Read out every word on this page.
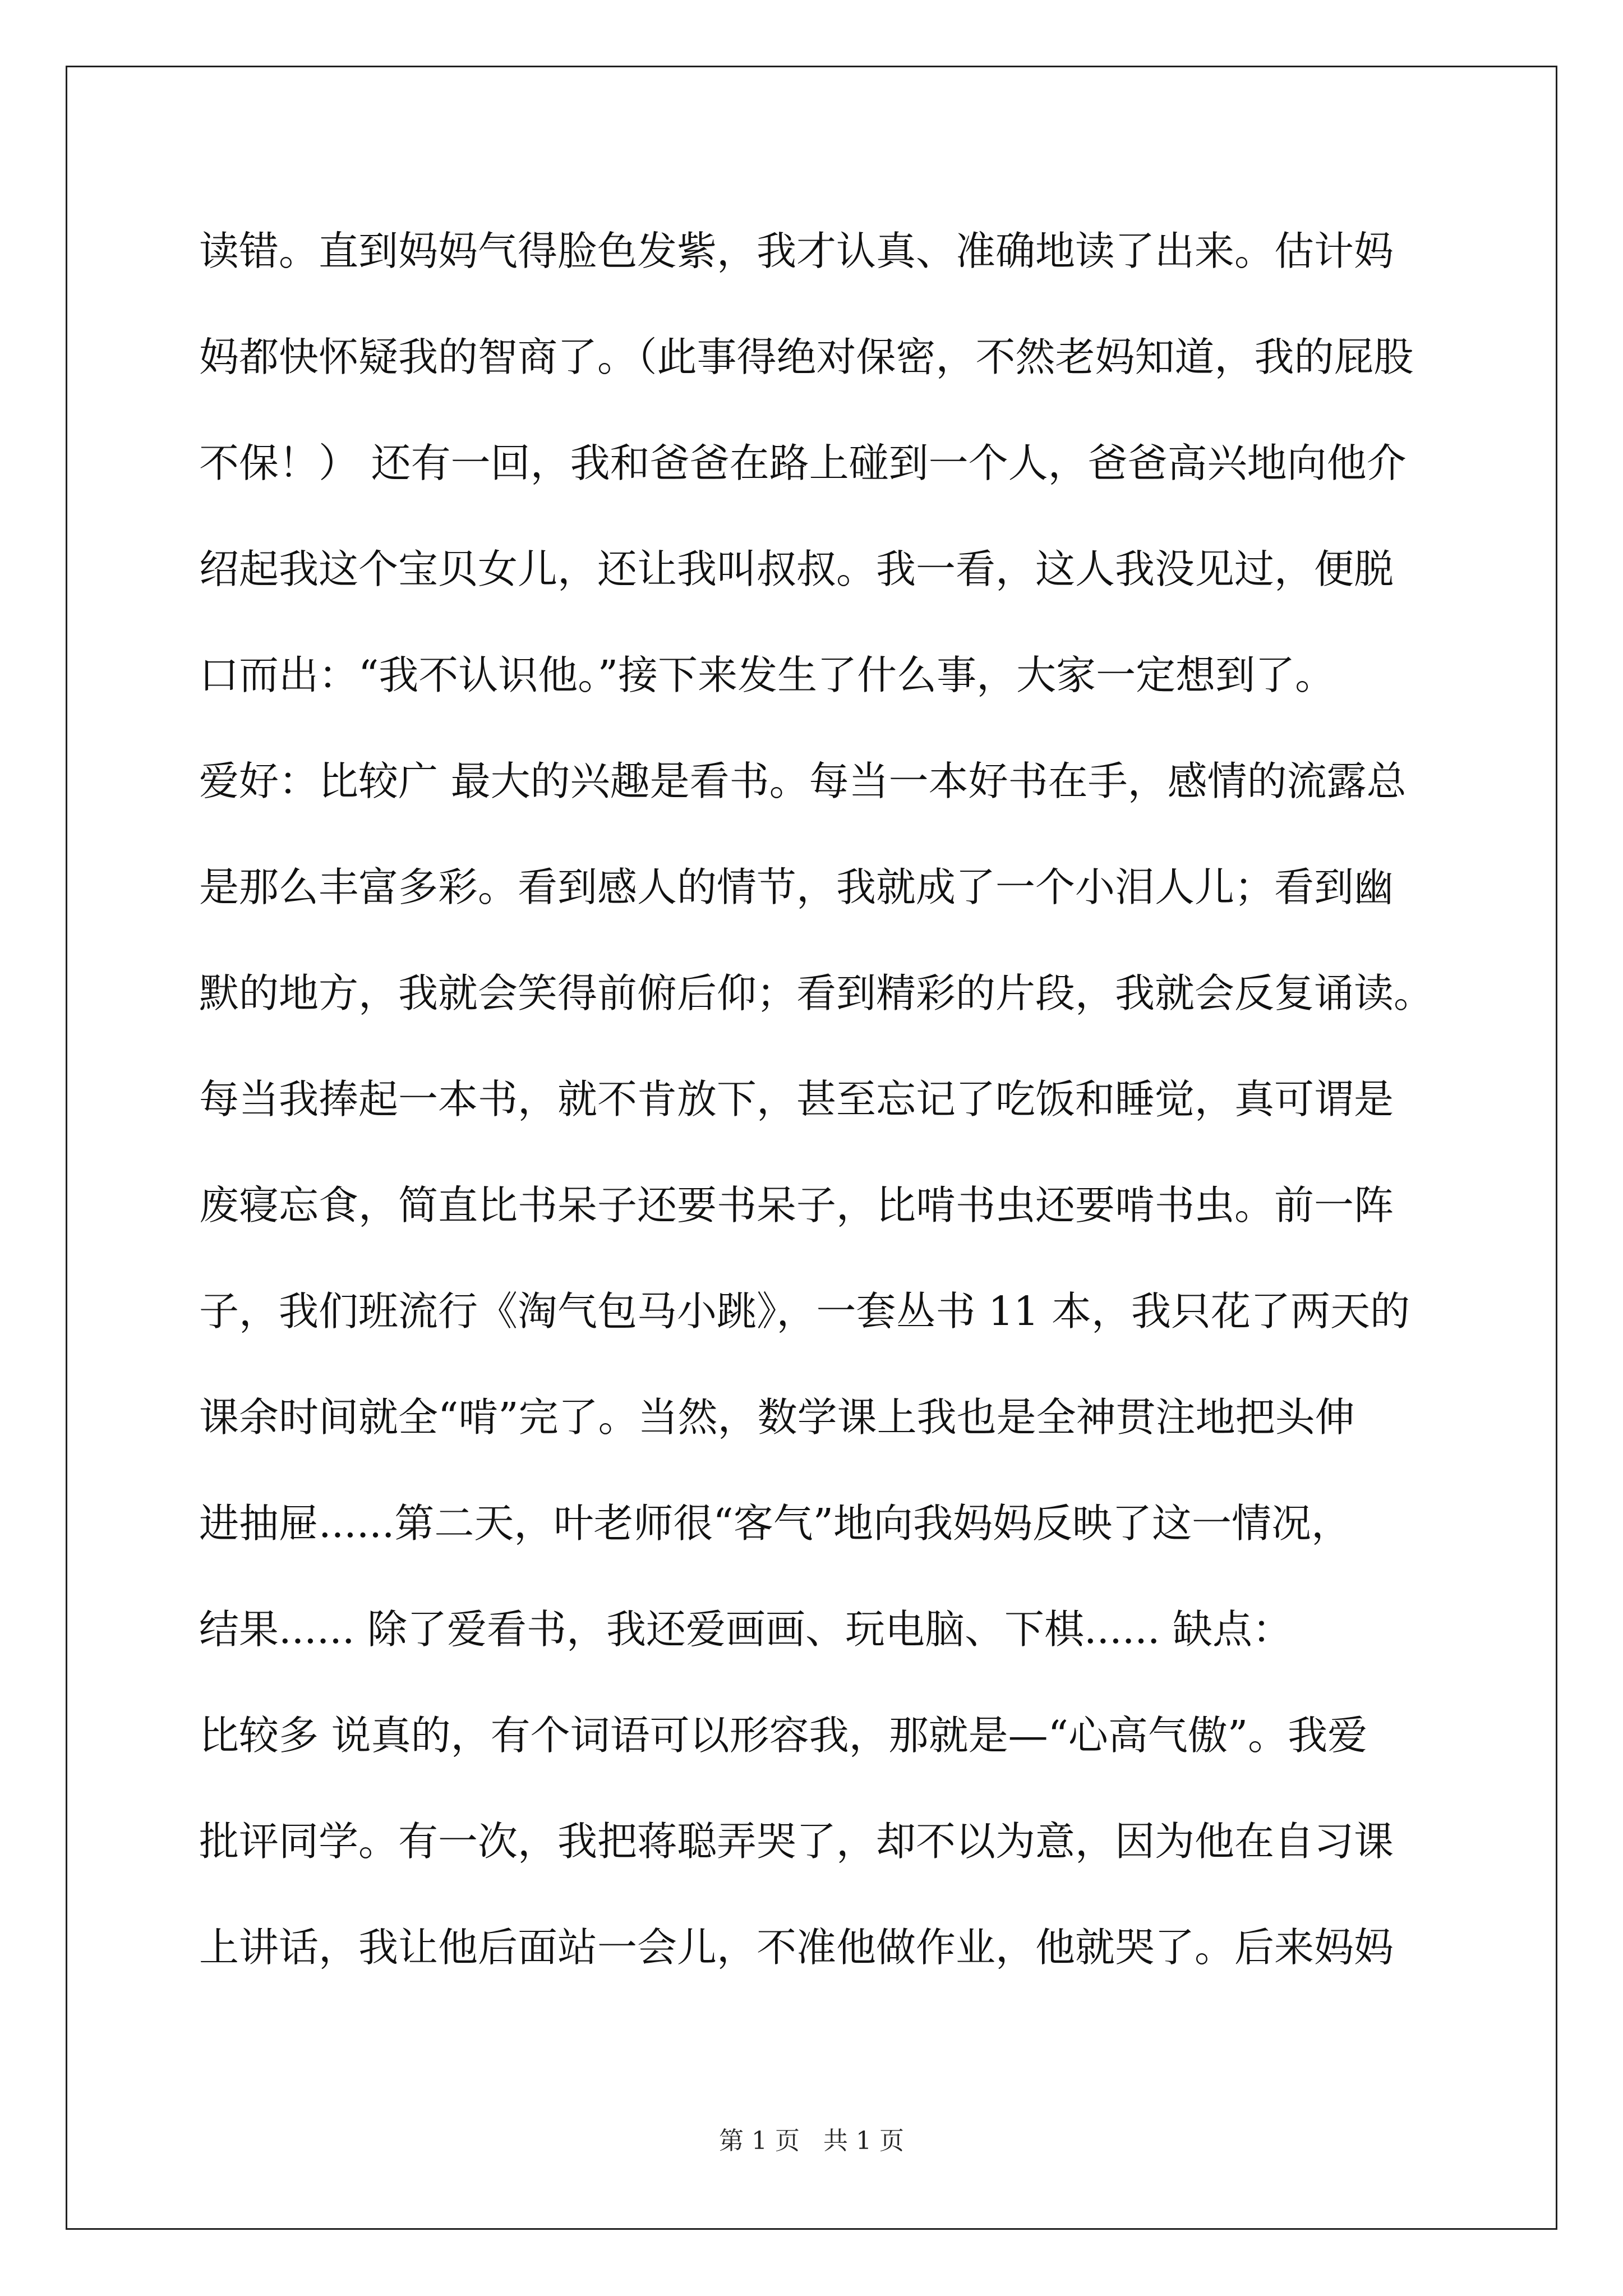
读错。直到妈妈气得脸色发紫，我才认真、准确地读了出来。估计妈
妈都快怀疑我的智商了。（此事得绝对保密，不然老妈知道，我的屁股
不保！） 还有一回，我和爸爸在路上碰到一个人，爸爸高兴地向他介
绍起我这个宝贝女儿，还让我叫叔叔。我一看，这人我没见过，便脱
口而出：“我不认识他。”接下来发生了什么事，大家一定想到了。
爱好：比较广 最大的兴趣是看书。每当一本好书在手，感情的流露总
是那么丰富多彩。看到感人的情节，我就成了一个小泪人儿；看到幽
默的地方，我就会笑得前俯后仰；看到精彩的片段，我就会反复诵读。
每当我捧起一本书，就不肯放下，甚至忘记了吃饭和睡觉，真可谓是
废寝忘食，简直比书呆子还要书呆子，比啃书虫还要啃书虫。前一阵
子，我们班流行《淘气包马小跳》，一套丛书 11 本，我只花了两天的
课余时间就全“啃”完了。当然，数学课上我也是全神贯注地把头伸
进抽屉......第二天，叶老师很“客气”地向我妈妈反映了这一情况，
结果...... 除了爱看书，我还爱画画、玩电脑、下棋...... 缺点：
比较多 说真的，有个词语可以形容我，那就是—“心高气傲”。我爱
批评同学。有一次，我把蒋聪弄哭了，却不以为意，因为他在自习课
上讲话，我让他后面站一会儿，不准他做作业，他就哭了。后来妈妈
第 1 页   共 1 页
